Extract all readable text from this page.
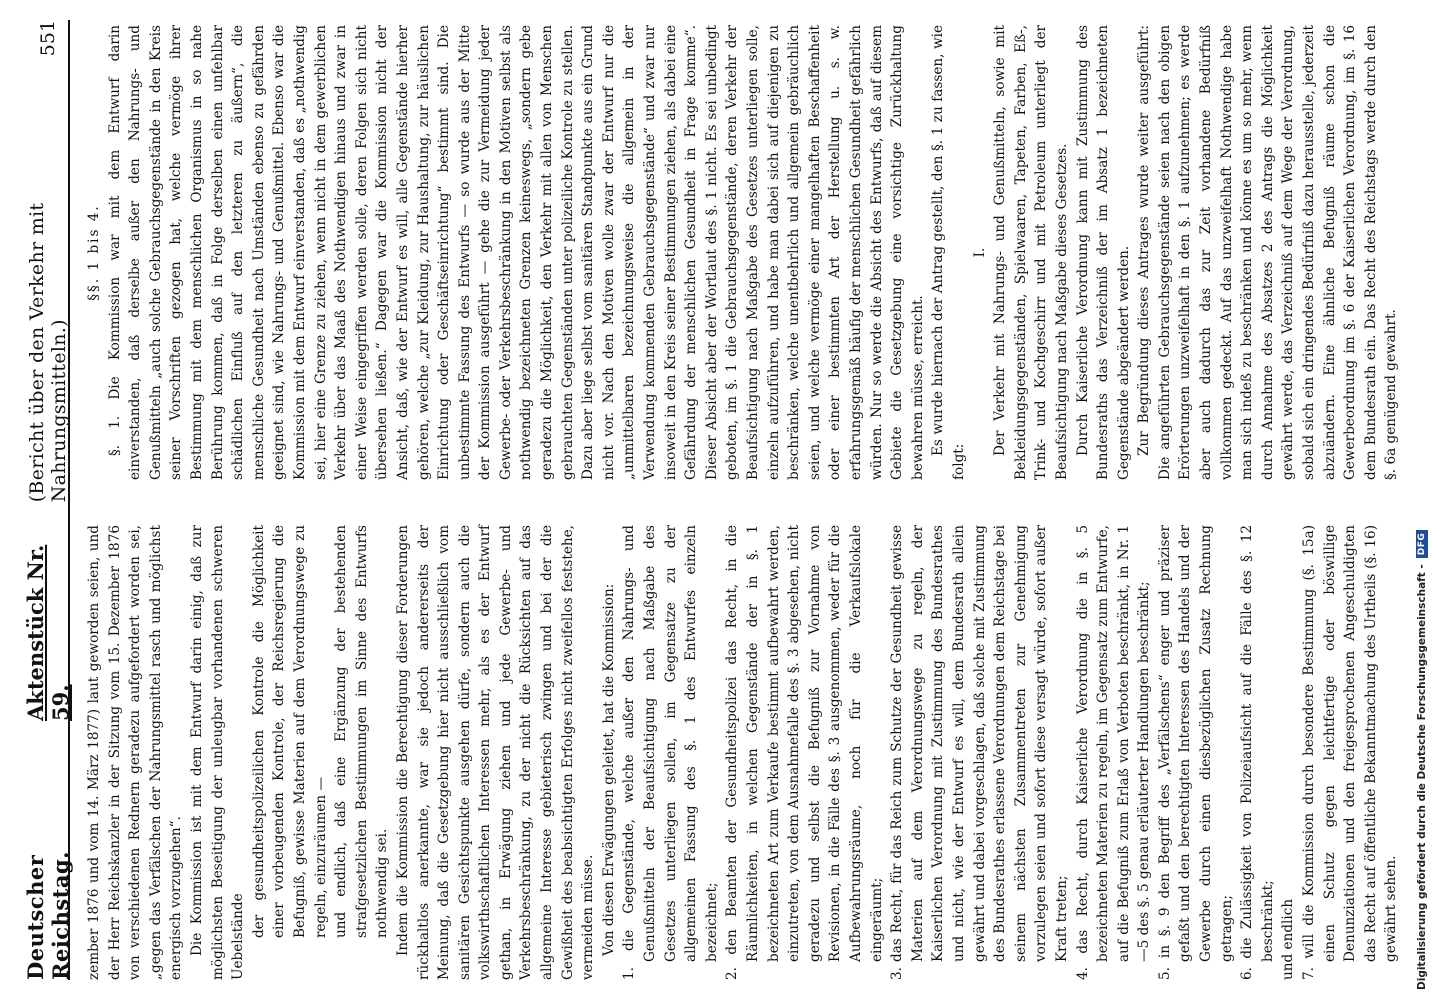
Deutscher Reichstag.
Aktenstück Nr. 59.
(Bericht über den Verkehr mit Nahrungsmitteln.)
551

zember 1876 und vom 14. März 1877) laut geworden seien, und der Herr Reichskanzler in der Sitzung vom 15. Dezember 1876 von verschiedenen Rednern geradezu aufgefordert worden sei, „gegen das Verfälschen der Nahrungsmittel rasch und möglichst energisch vorzugehen“. Die Kommission ist mit dem Entwurf darin einig, daß zur möglichsten Beseitigung der unleugbar vorhandenen schweren Uebelstände der gesundheitspolizeilichen Kontrole die Möglichkeit einer vorbeugenden Kontrole, der Reichsregierung die Befugniß, gewisse Materien auf dem Verordnungswege zu regeln, einzuräumen — und endlich, daß eine Ergänzung der bestehenden strafgesetzlichen Bestimmungen im Sinne des Entwurfs nothwendig sei. Indem die Kommission die Berechtigung dieser Forderungen rückhaltlos anerkannte, war sie jedoch andererseits der Meinung, daß die Gesetzgebung hier nicht ausschließlich vom sanitären Gesichtspunkte ausgehen dürfe, sondern auch die volkswirthschaftlichen Interessen mehr, als es der Entwurf gethan, in Erwägung ziehen und jede Gewerbe- und Verkehrsbeschränkung, zu der nicht die Rücksichten auf das allgemeine Interesse gebieterisch zwingen und bei der die Gewißheit des beabsichtigten Erfolges nicht zweifellos feststehe, vermeiden müsse. Von diesen Erwägungen geleitet, hat die Kommission: 1. die Gegenstände, welche außer den Nahrungs- und Genußmitteln der Beaufsichtigung nach Maßgabe des Gesetzes unterliegen sollen, im Gegensatze zu der allgemeinen Fassung des §. 1 des Entwurfes einzeln bezeichnet; 2. den Beamten der Gesundheitspolizei das Recht, in die Räumlichkeiten, in welchen Gegenstände der in §. 1 bezeichneten Art zum Verkaufe bestimmt aufbewahrt werden, einzutreten, von dem Ausnahmefalle des §. 3 abgesehen, nicht geradezu und selbst die Befugniß zur Vornahme von Revisionen, in die Fälle des §. 3 ausgenommen, weder für die Aufbewahrungsräume, noch für die Verkaufslokale eingeräumt; 3. das Recht, für das Reich zum Schutze der Gesundheit gewisse Materien auf dem Verordnungswege zu regeln, der Kaiserlichen Verordnung mit Zustimmung des Bundesrathes und nicht, wie der Entwurf es will, dem Bundesrath allein gewährt und dabei vorgeschlagen, daß solche mit Zustimmung des Bundesrathes erlassene Verordnungen dem Reichstage bei seinem nächsten Zusammentreten zur Genehmigung vorzulegen seien und sofort diese versagt würde, sofort außer Kraft treten; 4. das Recht, durch Kaiserliche Verordnung die in §. 5 bezeichneten Materien zu regeln, im Gegensatz zum Entwurfe, auf die Befugniß zum Erlaß von Verboten beschränkt, in Nr. 1—5 des §. 5 genau erläuterter Handlungen beschränkt; 5. in §. 9 den Begriff des „Verfälschens“ enger und präziser gefaßt und den berechtigten Interessen des Handels und der Gewerbe durch einen diesbezüglichen Zusatz Rechnung getragen; 6. die Zulässigkeit von Polizeiaufsicht auf die Fälle des §. 12 beschränkt; und endlich 7. will die Kommission durch besondere Bestimmung (§. 15a) einen Schutz gegen leichtfertige oder böswillige Denunziationen und den freigesprochenen Angeschuldigten das Recht auf öffentliche Bekanntmachung des Urtheils (§. 16) gewährt sehen.

§§. 1 bis 4. §. 1. Die Kommission war mit dem Entwurf darin einverstanden, daß derselbe außer den Nahrungs- und Genußmitteln „auch solche Gebrauchsgegenstände in den Kreis seiner Vorschriften gezogen hat, welche vermöge ihrer Bestimmung mit dem menschlichen Organismus in so nahe Berührung kommen, daß in Folge derselben einen unfehlbar schädlichen Einfluß auf den letzteren zu äußern“, die menschliche Gesundheit nach Umständen ebenso zu gefährden geeignet sind, wie Nahrungs- und Genußmittel. Ebenso war die Kommission mit dem Entwurf einverstanden, daß es „nothwendig sei, hier eine Grenze zu ziehen, wenn nicht in dem gewerblichen Verkehr über das Maaß des Nothwendigen hinaus und zwar in einer Weise eingegriffen werden solle, deren Folgen sich nicht übersehen ließen.“ Dagegen war die Kommission nicht der Ansicht, daß, wie der Entwurf es will, alle Gegenstände hierher gehören, welche „zur Kleidung, zur Haushaltung, zur häuslichen Einrichtung oder Geschäftseinrichtung“ bestimmt sind. Die unbestimmte Fassung des Entwurfs — so wurde aus der Mitte der Kommission ausgeführt — gehe die zur Vermeidung jeder Gewerbe- oder Verkehrsbeschränkung in den Motiven selbst als nothwendig bezeichneten Grenzen keineswegs, „sondern gebe geradezu die Möglichkeit, den Verkehr mit allen von Menschen gebrauchten Gegenständen unter polizeiliche Kontrole zu stellen. Dazu aber liege selbst vom sanitären Standpunkte aus ein Grund nicht vor. Nach den Motiven wolle zwar der Entwurf nur die „unmittelbaren bezeichnungsweise die allgemein in der Verwendung kommenden Gebrauchsgegenstände“ und zwar nur insoweit in den Kreis seiner Bestimmungen ziehen, als dabei eine Gefährdung der menschlichen Gesundheit in Frage komme“. Dieser Absicht aber der Wortlaut des §. 1 nicht. Es sei unbedingt geboten, im §. 1 die Gebrauchsgegenstände, deren Verkehr der Beaufsichtigung nach Maßgabe des Gesetzes unterliegen solle, einzeln aufzuführen, und habe man dabei sich auf diejenigen zu beschränken, welche unentbehrlich und allgemein gebräuchlich seien, und welche vermöge einer mangelhaften Beschaffenheit oder einer bestimmten Art der Herstellung u. s. w. erfahrungsgemäß häufig der menschlichen Gesundheit gefährlich würden. Nur so werde die Absicht des Entwurfs, daß auf diesem Gebiete die Gesetzgebung eine vorsichtige Zurückhaltung bewahren müsse, erreicht. Es wurde hiernach der Antrag gestellt, den §. 1 zu fassen, wie folgt:

I. Der Verkehr mit Nahrungs- und Genußmitteln, sowie mit Bekleidungsgegenständen, Spielwaaren, Tapeten, Farben, Eß-, Trink- und Kochgeschirr und mit Petroleum unterliegt der Beaufsichtigung nach Maßgabe dieses Gesetzes. Durch Kaiserliche Verordnung kann mit Zustimmung des Bundesraths das Verzeichniß der im Absatz 1 bezeichneten Gegenstände abgeändert werden. Zur Begründung dieses Antrages wurde weiter ausgeführt: Die angeführten Gebrauchsgegenstände seien nach den obigen Erörterungen unzweifelhaft in den §. 1 aufzunehmen; es werde aber auch dadurch das zur Zeit vorhandene Bedürfniß vollkommen gedeckt. Auf das unzweifelhaft Nothwendige habe man sich indeß zu beschränken und könne es um so mehr, wenn durch Annahme des Absatzes 2 des Antrags die Möglichkeit gewährt werde, das Verzeichniß auf dem Wege der Verordnung, sobald sich ein dringendes Bedürfniß dazu herausstelle, jederzeit abzuändern. Eine ähnliche Befugniß räume schon die Gewerbeordnung im §. 6 der Kaiserlichen Verordnung, im §. 16 dem Bundesrath ein. Das Recht des Reichstags werde durch den §. 6a genügend gewahrt.

Digitalisierung gefördert durch die Deutsche Forschungsgemeinschaft -
DFG
